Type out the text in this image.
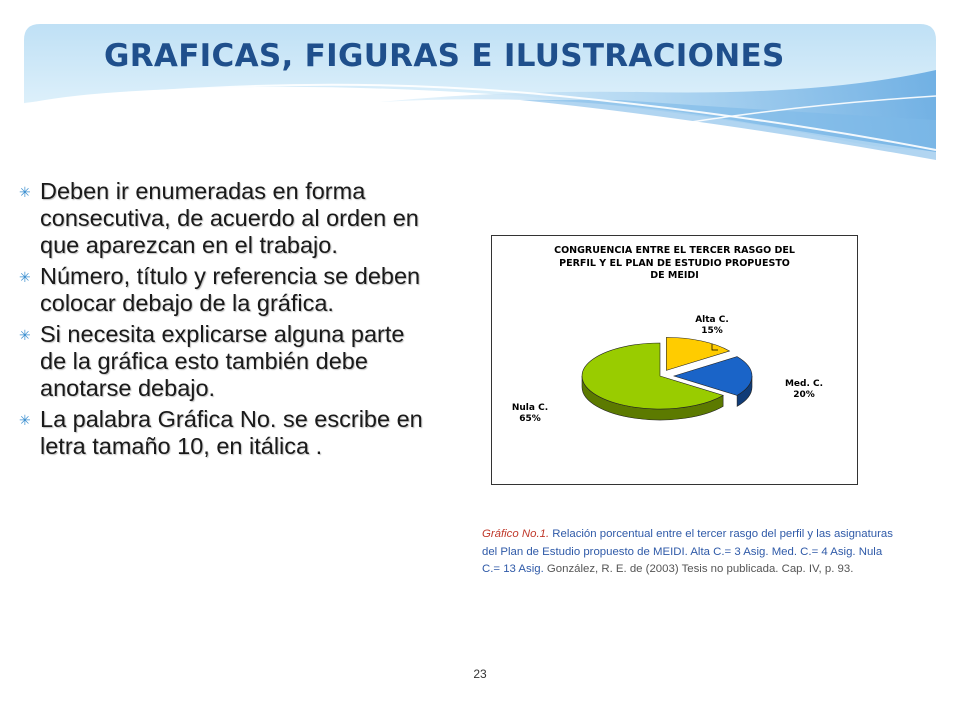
GRAFICAS, FIGURAS E ILUSTRACIONES
✳ Deben ir enumeradas en forma consecutiva, de acuerdo al orden en que aparezcan en el trabajo.
✳ Número, título y referencia se deben colocar debajo de la gráfica.
✳ Si necesita explicarse alguna parte de la gráfica esto también debe anotarse debajo.
✳ La palabra Gráfica No. se escribe en letra tamaño 10, en itálica .
CONGRUENCIA ENTRE EL TERCER RASGO DEL
PERFIL Y EL PLAN DE ESTUDIO PROPUESTO
DE MEIDI
Alta C.
15%
Med. C.
20%
Nula C.
65%
Gráfico No.1. Relación porcentual entre el tercer rasgo del perfil y las asignaturas del Plan de Estudio propuesto de MEIDI. Alta C.= 3 Asig. Med. C.= 4 Asig. Nula C.= 13 Asig. González, R. E. de (2003) Tesis no publicada. Cap. IV, p. 93.
23
